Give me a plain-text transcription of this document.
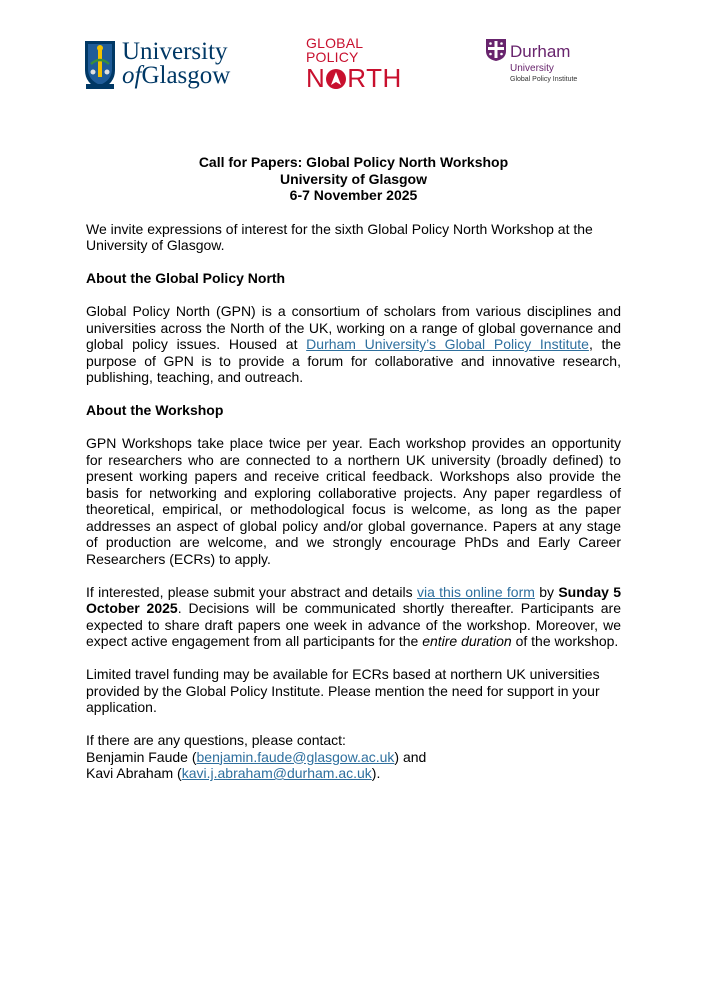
University
ofGlasgow
GLOBAL
POLICY
N RTH
Durham
University
Global Policy Institute
Call for Papers: Global Policy North Workshop
University of Glasgow
6-7 November 2025

We invite expressions of interest for the sixth Global Policy North Workshop at the University of Glasgow.

About the Global Policy North

Global Policy North (GPN) is a consortium of scholars from various disciplines and universities across the North of the UK, working on a range of global governance and global policy issues. Housed at Durham University’s Global Policy Institute, the purpose of GPN is to provide a forum for collaborative and innovative research, publishing, teaching, and outreach.

About the Workshop

GPN Workshops take place twice per year. Each workshop provides an opportunity for researchers who are connected to a northern UK university (broadly defined) to present working papers and receive critical feedback. Workshops also provide the basis for networking and exploring collaborative projects. Any paper regardless of theoretical, empirical, or methodological focus is welcome, as long as the paper addresses an aspect of global policy and/or global governance. Papers at any stage of production are welcome, and we strongly encourage PhDs and Early Career Researchers (ECRs) to apply.

If interested, please submit your abstract and details via this online form by Sunday 5 October 2025. Decisions will be communicated shortly thereafter. Participants are expected to share draft papers one week in advance of the workshop. Moreover, we expect active engagement from all participants for the entire duration of the workshop.

Limited travel funding may be available for ECRs based at northern UK universities provided by the Global Policy Institute. Please mention the need for support in your application.

If there are any questions, please contact:
Benjamin Faude (benjamin.faude@glasgow.ac.uk) and
Kavi Abraham (kavi.j.abraham@durham.ac.uk).
